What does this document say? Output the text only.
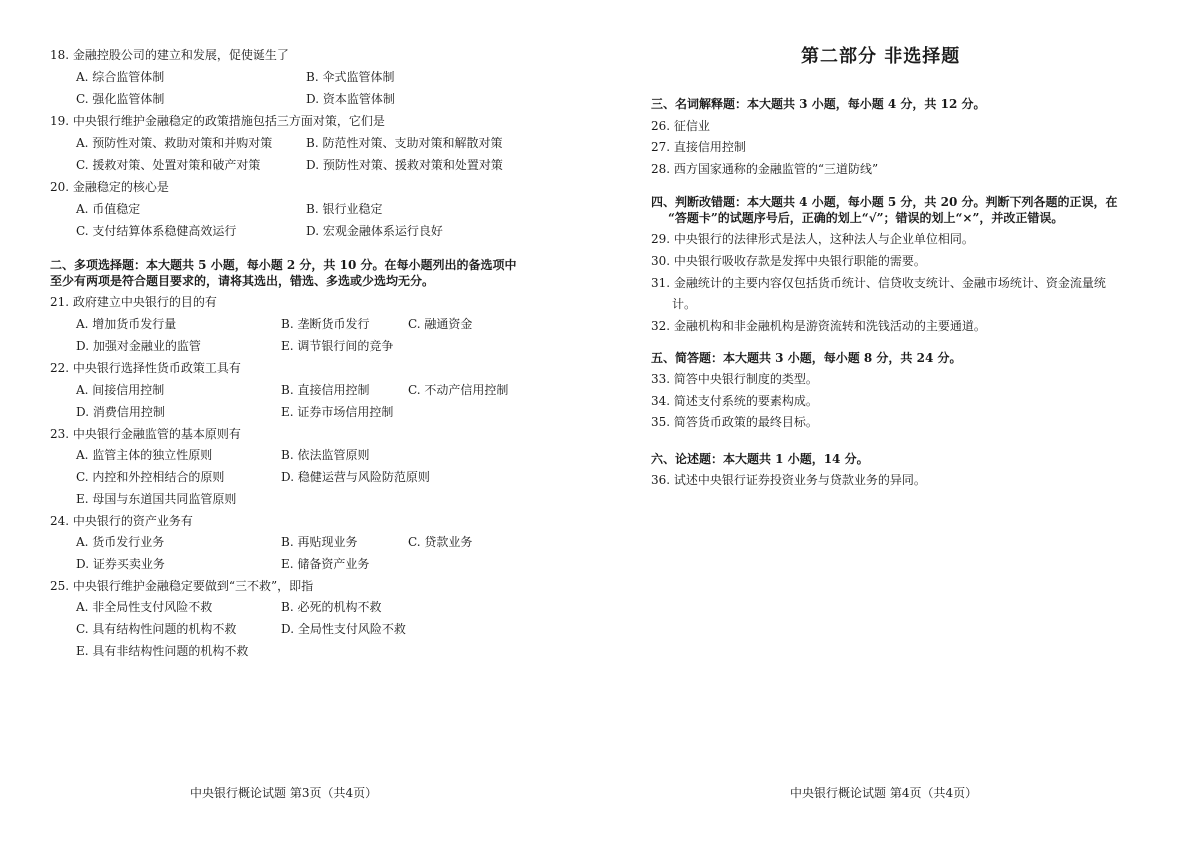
18. 金融控股公司的建立和发展，促使诞生了
A. 综合监管体制	B. 伞式监管体制
C. 强化监管体制	D. 资本监管体制
19. 中央银行维护金融稳定的政策措施包括三方面对策，它们是
A. 预防性对策、救助对策和并购对策	B. 防范性对策、支助对策和解散对策
C. 援救对策、处置对策和破产对策	D. 预防性对策、援救对策和处置对策
20. 金融稳定的核心是
A. 币值稳定	B. 银行业稳定
C. 支付结算体系稳健高效运行	D. 宏观金融体系运行良好
二、多项选择题：本大题共 5 小题，每小题 2 分，共 10 分。在每小题列出的备选项中
至少有两项是符合题目要求的，请将其选出，错选、多选或少选均无分。
21. 政府建立中央银行的目的有
A. 增加货币发行量	B. 垄断货币发行	C. 融通资金
D. 加强对金融业的监管	E. 调节银行间的竞争
22. 中央银行选择性货币政策工具有
A. 间接信用控制	B. 直接信用控制	C. 不动产信用控制
D. 消费信用控制	E. 证券市场信用控制
23. 中央银行金融监管的基本原则有
A. 监管主体的独立性原则	B. 依法监管原则
C. 内控和外控相结合的原则	D. 稳健运营与风险防范原则
E. 母国与东道国共同监管原则
24. 中央银行的资产业务有
A. 货币发行业务	B. 再贴现业务	C. 贷款业务
D. 证券买卖业务	E. 储备资产业务
25. 中央银行维护金融稳定要做到“三不救”，即指
A. 非全局性支付风险不救	B. 必死的机构不救
C. 具有结构性问题的机构不救	D. 全局性支付风险不救
E. 具有非结构性问题的机构不救
中央银行概论试题 第3页（共4页）
第二部分 非选择题
三、名词解释题：本大题共 3 小题，每小题 4 分，共 12 分。
26. 征信业
27. 直接信用控制
28. 西方国家通称的金融监管的“三道防线”
四、判断改错题：本大题共 4 小题，每小题 5 分，共 20 分。判断下列各题的正误，在
“答题卡”的试题序号后，正确的划上“√”；错误的划上“×”，并改正错误。
29. 中央银行的法律形式是法人，这种法人与企业单位相同。
30. 中央银行吸收存款是发挥中央银行职能的需要。
31. 金融统计的主要内容仅包括货币统计、信贷收支统计、金融市场统计、资金流量统
计。
32. 金融机构和非金融机构是游资流转和洗钱活动的主要通道。
五、简答题：本大题共 3 小题，每小题 8 分，共 24 分。
33. 简答中央银行制度的类型。
34. 简述支付系统的要素构成。
35. 简答货币政策的最终目标。
六、论述题：本大题共 1 小题，14 分。
36. 试述中央银行证券投资业务与贷款业务的异同。
中央银行概论试题 第4页（共4页）
